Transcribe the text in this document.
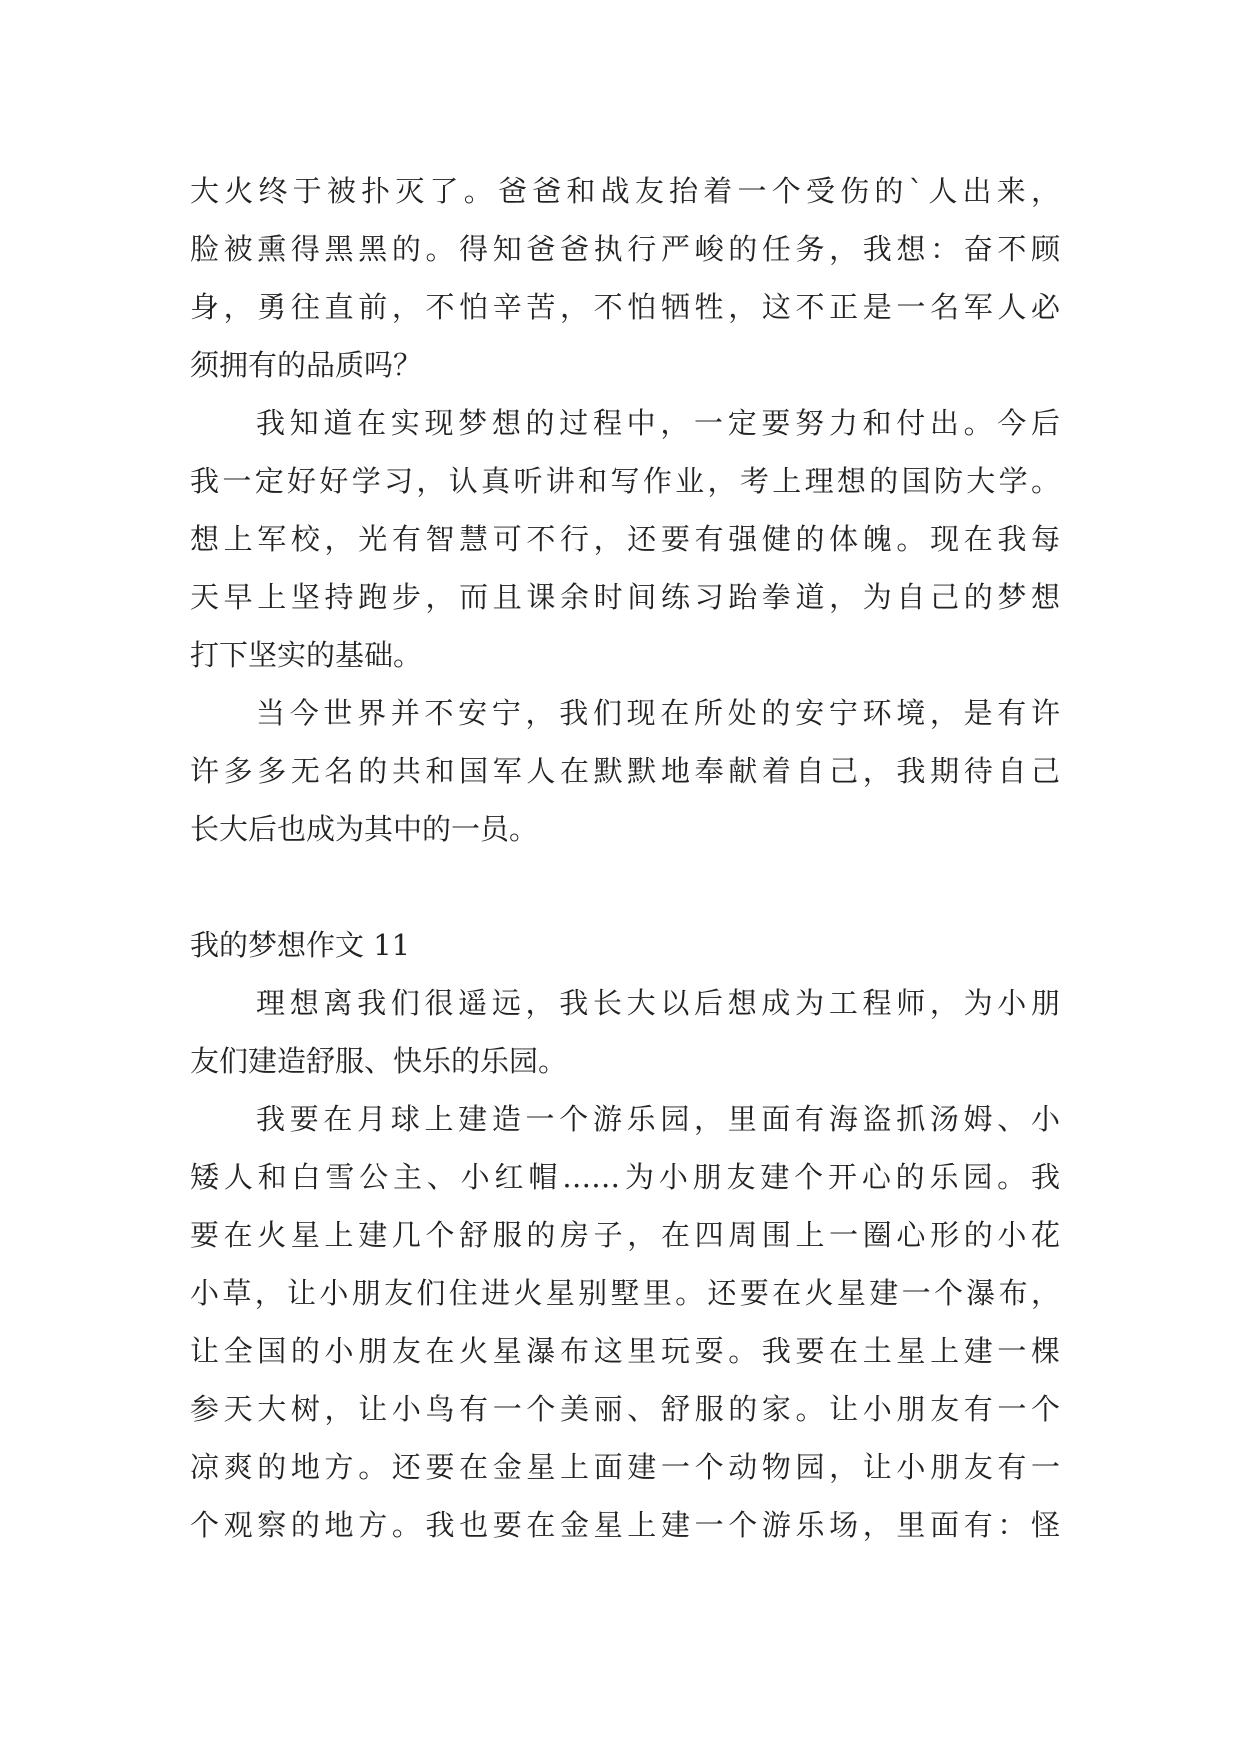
大火终于被扑灭了。爸爸和战友抬着一个受伤的`人出来，
脸被熏得黑黑的。得知爸爸执行严峻的任务，我想：奋不顾
身，勇往直前，不怕辛苦，不怕牺牲，这不正是一名军人必
须拥有的品质吗？
我知道在实现梦想的过程中，一定要努力和付出。今后
我一定好好学习，认真听讲和写作业，考上理想的国防大学。
想上军校，光有智慧可不行，还要有强健的体魄。现在我每
天早上坚持跑步，而且课余时间练习跆拳道，为自己的梦想
打下坚实的基础。
当今世界并不安宁，我们现在所处的安宁环境，是有许
许多多无名的共和国军人在默默地奉献着自己，我期待自己
长大后也成为其中的一员。
我的梦想作文 11
理想离我们很遥远，我长大以后想成为工程师，为小朋
友们建造舒服、快乐的乐园。
我要在月球上建造一个游乐园，里面有海盗抓汤姆、小
矮人和白雪公主、小红帽……为小朋友建个开心的乐园。我
要在火星上建几个舒服的房子，在四周围上一圈心形的小花
小草，让小朋友们住进火星别墅里。还要在火星建一个瀑布，
让全国的小朋友在火星瀑布这里玩耍。我要在土星上建一棵
参天大树，让小鸟有一个美丽、舒服的家。让小朋友有一个
凉爽的地方。还要在金星上面建一个动物园，让小朋友有一
个观察的地方。我也要在金星上建一个游乐场，里面有：怪
